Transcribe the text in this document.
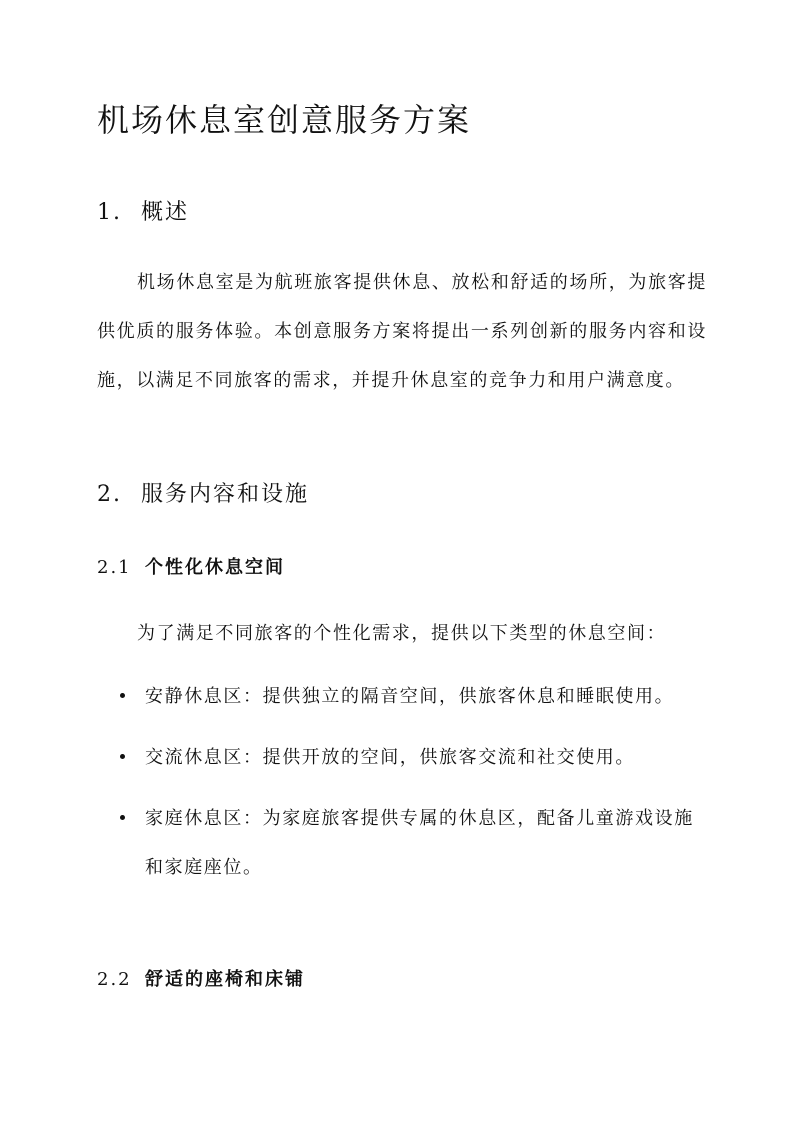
机场休息室创意服务方案
1. 概述

机场休息室是为航班旅客提供休息、放松和舒适的场所，为旅客提供优质的服务体验。本创意服务方案将提出一系列创新的服务内容和设施，以满足不同旅客的需求，并提升休息室的竞争力和用户满意度。

2. 服务内容和设施
2.1 个性化休息空间

为了满足不同旅客的个性化需求，提供以下类型的休息空间：

安静休息区：提供独立的隔音空间，供旅客休息和睡眠使用。
交流休息区：提供开放的空间，供旅客交流和社交使用。
家庭休息区：为家庭旅客提供专属的休息区，配备儿童游戏设施和家庭座位。
2.2 舒适的座椅和床铺
